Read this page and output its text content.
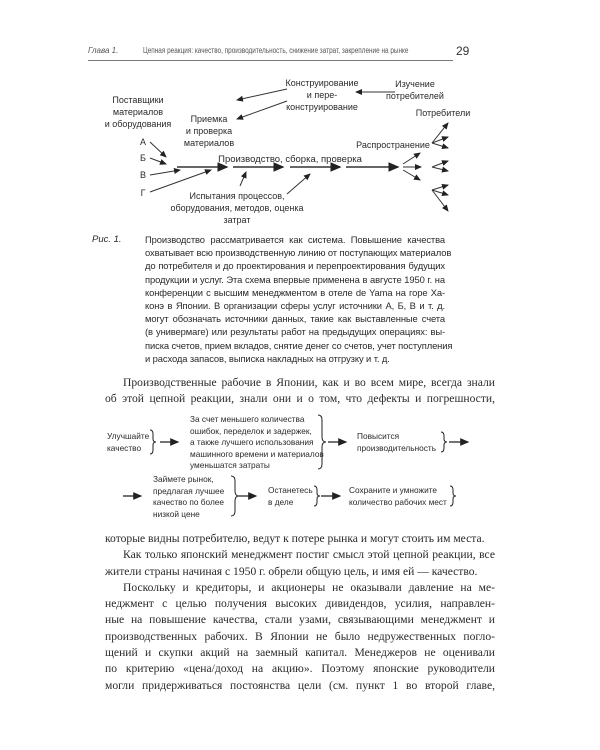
Глава 1.	Цепная реакция: качество, производительность, снижение затрат, закрепление на рынке	29
Конструирование
и пере-
конструирование
Изучение
потребителей
Поставщики
материалов
и оборудования	Приемка
и проверка
материалов
Потребители
А
Б
В
Г
Производство, сборка, проверка
Распространение
Испытания процессов,
оборудования, методов, оценка
затрат
Рис. 1. Производство рассматривается как система. Повышение качества
охватывает всю производственную линию от поступающих материалов
до потребителя и до проектирования и перепроектирования будущих
продукции и услуг. Эта схема впервые применена в августе 1950 г. на
конференции с высшим менеджментом в отеле de Yama на горе Ха-
конэ в Японии. В организации сферы услуг источники А, Б, В и т. д.
могут обозначать источники данных, такие как выставленные счета
(в универмаге) или результаты работ на предыдущих операциях: вы-
писка счетов, прием вкладов, снятие денег со счетов, учет поступления
и расхода запасов, выписка накладных на отгрузку и т. д.
Производственные рабочие в Японии, как и во всем мире, всегда знали
об этой цепной реакции, знали они и о том, что дефекты и погрешности,
Улучшайте
качество
За счет меньшего количества
ошибок, переделок и задержек,
а также лучшего использования
машинного времени и материалов
уменьшатся затраты
Повысится
производительность
Займете рынок,
предлагая лучшее
качество по более
низкой цене
Останетесь
в деле
Сохраните и умножите
количество рабочих мест
которые видны потребителю, ведут к потере рынка и могут стоить им места.
Как только японский менеджмент постиг смысл этой цепной реакции, все
жители страны начиная с 1950 г. обрели общую цель, и имя ей — качество.
Поскольку и кредиторы, и акционеры не оказывали давление на ме-
неджмент с целью получения высоких дивидендов, усилия, направлен-
ные на повышение качества, стали узами, связывающими менеджмент и
производственных рабочих. В Японии не было недружественных погло-
щений и скупки акций на заемный капитал. Менеджеров не оценивали
по критерию «цена/доход на акцию». Поэтому японские руководители
могли придерживаться постоянства цели (см. пункт 1 во второй главе,
